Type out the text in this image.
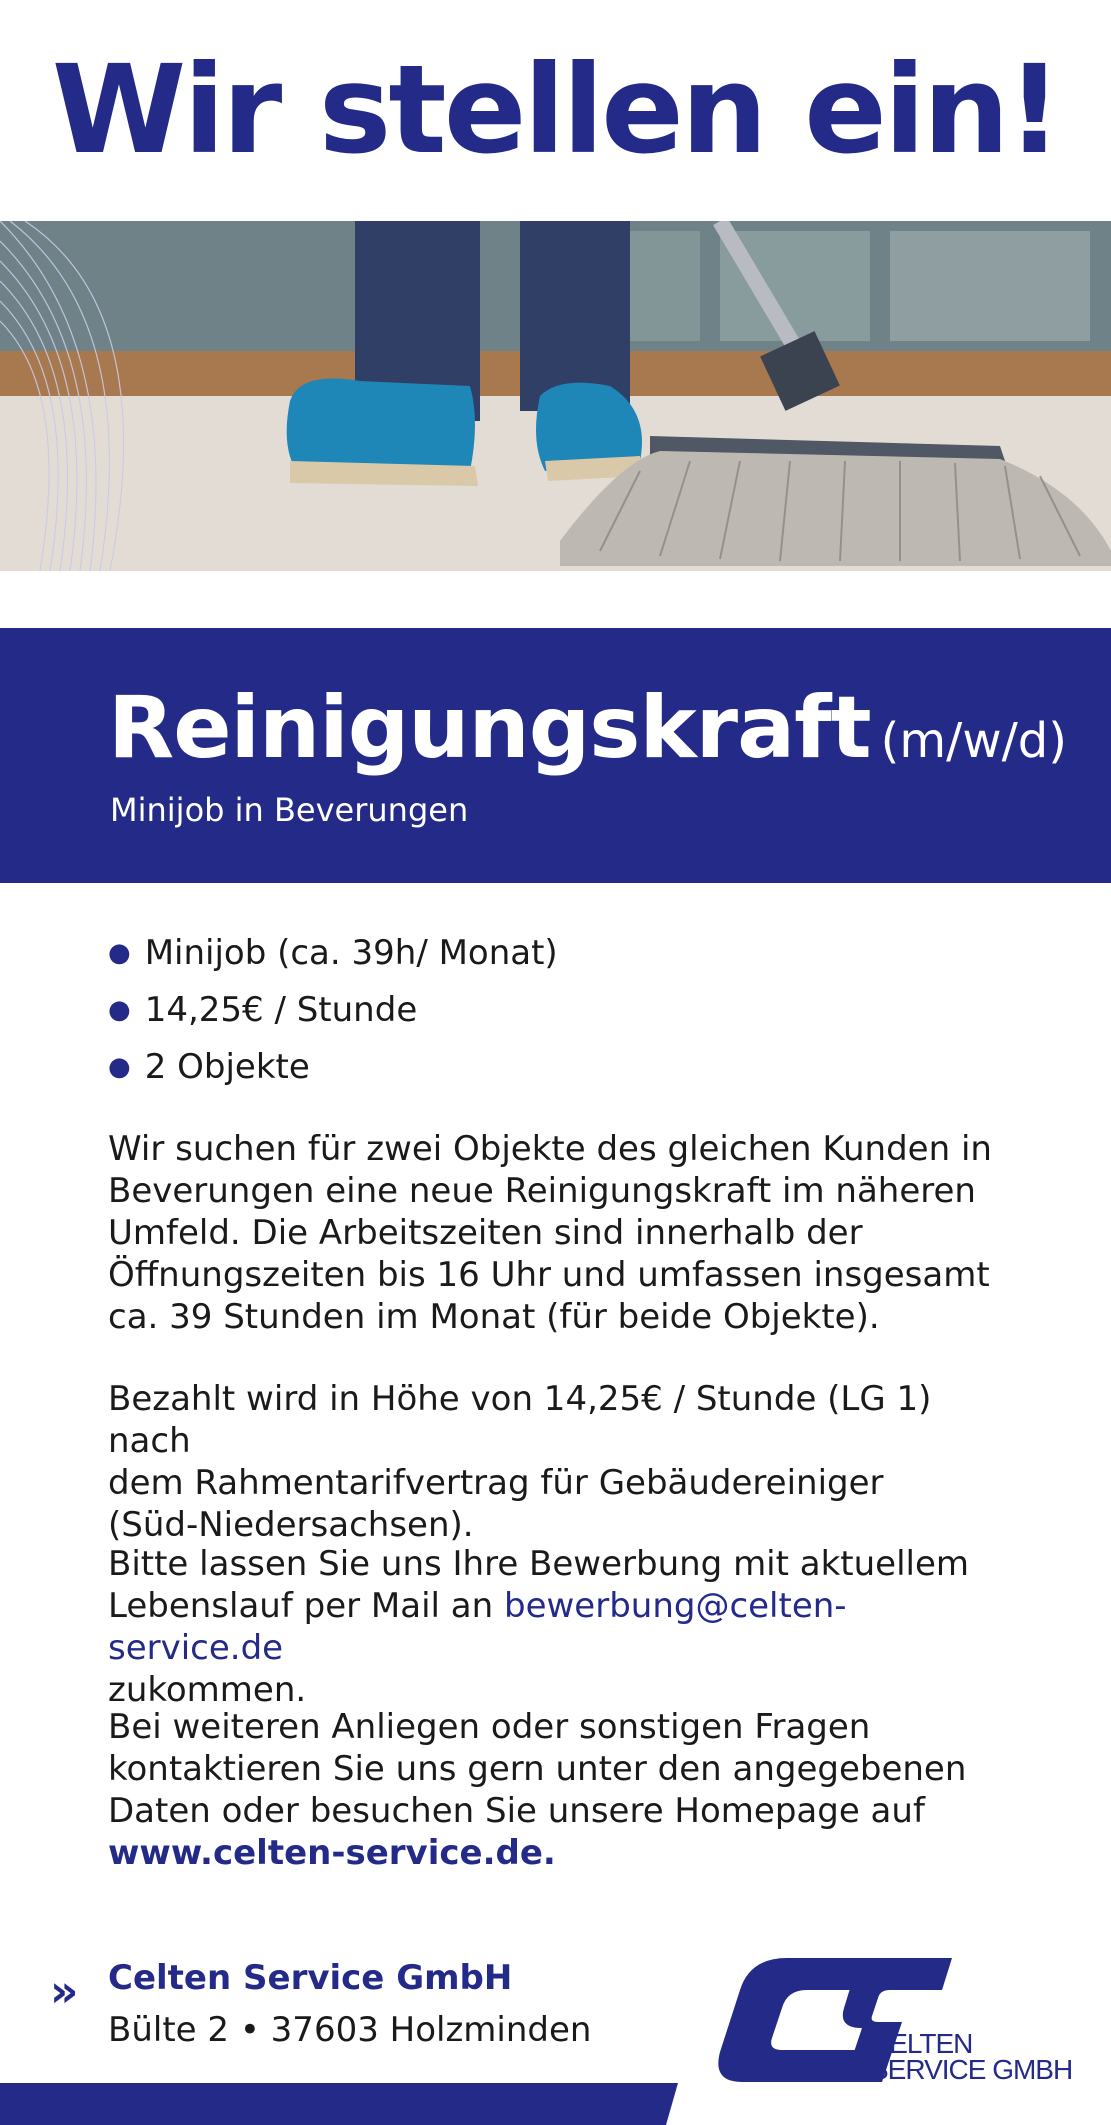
Wir stellen ein!
Reinigungskraft (m/w/d)
Minijob in Beverungen
● Minijob (ca. 39h/ Monat)
● 14,25€ / Stunde
● 2 Objekte

Wir suchen für zwei Objekte des gleichen Kunden in
Beverungen eine neue Reinigungskraft im näheren
Umfeld. Die Arbeitszeiten sind innerhalb der
Öffnungszeiten bis 16 Uhr und umfassen insgesamt
ca. 39 Stunden im Monat (für beide Objekte).

Bezahlt wird in Höhe von 14,25€ / Stunde (LG 1) nach
dem Rahmentarifvertrag für Gebäudereiniger
(Süd-Niedersachsen).

Bitte lassen Sie uns Ihre Bewerbung mit aktuellem
Lebenslauf per Mail an bewerbung@celten-service.de
zukommen.

Bei weiteren Anliegen oder sonstigen Fragen
kontaktieren Sie uns gern unter den angegebenen
Daten oder besuchen Sie unsere Homepage auf
www.celten-service.de.

» Celten Service GmbH
Bülte 2 • 37603 Holzminden	CELTEN
SERVICE GMBH
